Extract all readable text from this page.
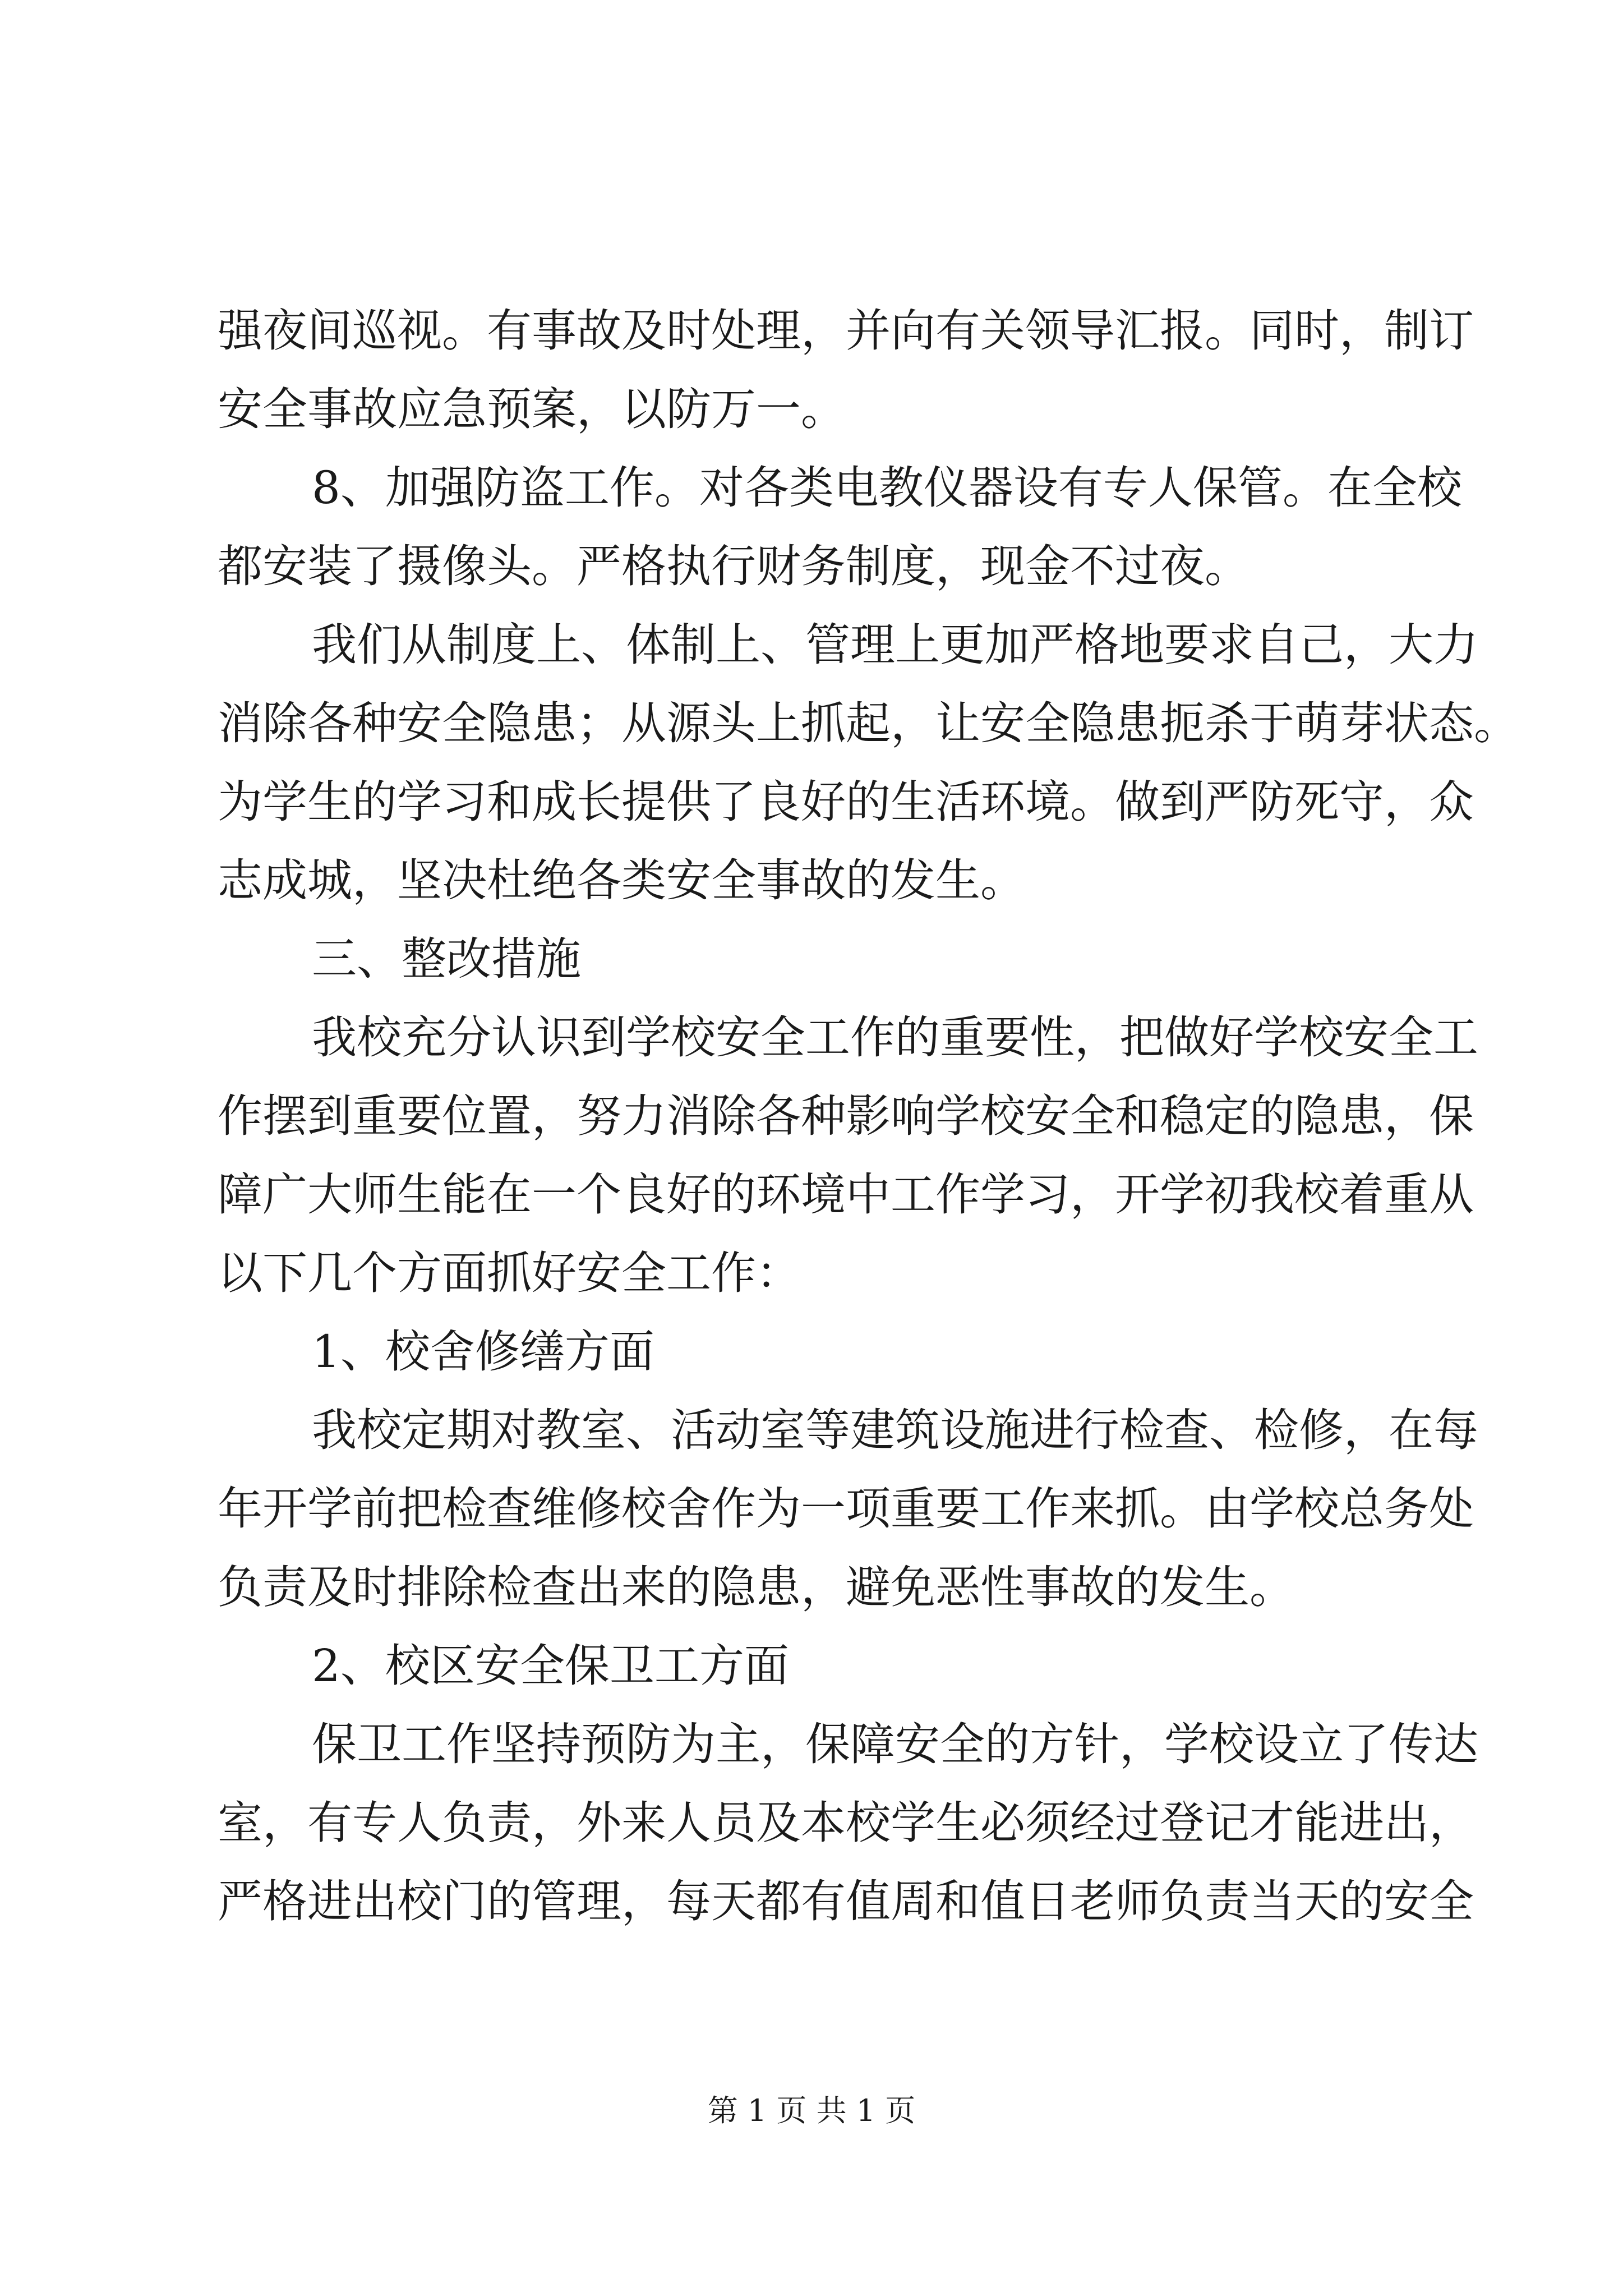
强夜间巡视。有事故及时处理，并向有关领导汇报。同时，制订
安全事故应急预案，以防万一。
8、加强防盗工作。对各类电教仪器设有专人保管。在全校
都安装了摄像头。严格执行财务制度，现金不过夜。
我们从制度上、体制上、管理上更加严格地要求自己，大力
消除各种安全隐患；从源头上抓起，让安全隐患扼杀于萌芽状态。
为学生的学习和成长提供了良好的生活环境。做到严防死守，众
志成城，坚决杜绝各类安全事故的发生。
三、整改措施
我校充分认识到学校安全工作的重要性，把做好学校安全工
作摆到重要位置，努力消除各种影响学校安全和稳定的隐患，保
障广大师生能在一个良好的环境中工作学习，开学初我校着重从
以下几个方面抓好安全工作：
1、校舍修缮方面
我校定期对教室、活动室等建筑设施进行检查、检修，在每
年开学前把检查维修校舍作为一项重要工作来抓。由学校总务处
负责及时排除检查出来的隐患，避免恶性事故的发生。
2、校区安全保卫工方面
保卫工作坚持预防为主，保障安全的方针，学校设立了传达
室，有专人负责，外来人员及本校学生必须经过登记才能进出，
严格进出校门的管理，每天都有值周和值日老师负责当天的安全
第 1 页 共 1 页
